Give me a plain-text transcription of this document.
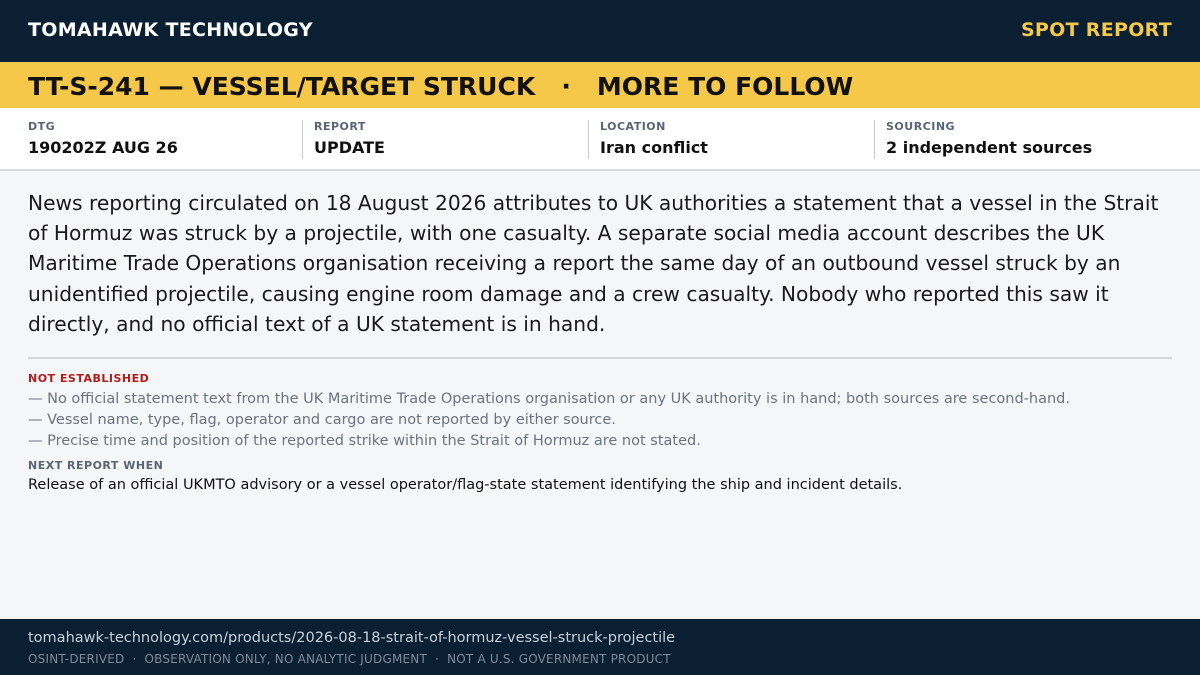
TOMAHAWK TECHNOLOGY	SPOT REPORT
TT-S-241 — VESSEL/TARGET STRUCK   ·   MORE TO FOLLOW
DTG
190202Z AUG 26
REPORT
UPDATE
LOCATION
Iran conflict
SOURCING
2 independent sources
News reporting circulated on 18 August 2026 attributes to UK authorities a statement that a vessel in the Strait of Hormuz was struck by a projectile, with one casualty. A separate social media account describes the UK Maritime Trade Operations organisation receiving a report the same day of an outbound vessel struck by an unidentified projectile, causing engine room damage and a crew casualty. Nobody who reported this saw it directly, and no official text of a UK statement is in hand.
NOT ESTABLISHED
— No official statement text from the UK Maritime Trade Operations organisation or any UK authority is in hand; both sources are second-hand.
— Vessel name, type, flag, operator and cargo are not reported by either source.
— Precise time and position of the reported strike within the Strait of Hormuz are not stated.
NEXT REPORT WHEN
Release of an official UKMTO advisory or a vessel operator/flag-state statement identifying the ship and incident details.
tomahawk-technology.com/products/2026-08-18-strait-of-hormuz-vessel-struck-projectile
OSINT-DERIVED  ·  OBSERVATION ONLY, NO ANALYTIC JUDGMENT  ·  NOT A U.S. GOVERNMENT PRODUCT
